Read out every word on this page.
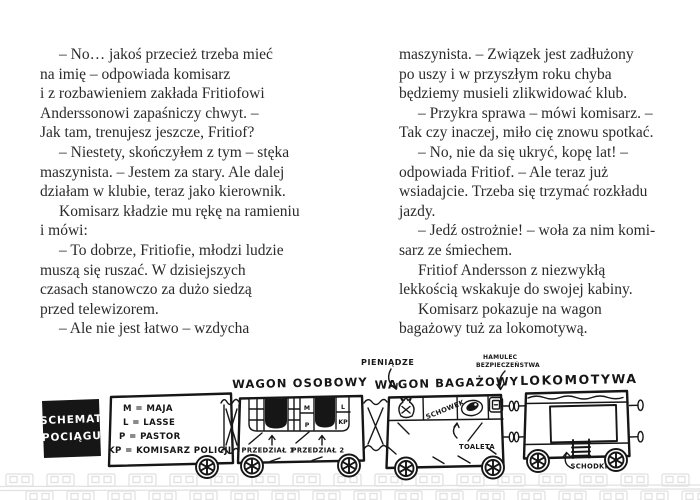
– No… jakoś przecież trzeba mieć
na imię – odpowiada komisarz
i z rozbawieniem zakłada Fritiofowi
Anderssonowi zapaśniczy chwyt. –
Jak tam, trenujesz jeszcze, Fritiof?
– Niestety, skończyłem z tym – stęka
maszynista. – Jestem za stary. Ale dalej
działam w klubie, teraz jako kierownik.
Komisarz kładzie mu rękę na ramieniu
i mówi:
– To dobrze, Fritiofie, młodzi ludzie
muszą się ruszać. W dzisiejszych
czasach stanowczo za dużo siedzą
przed telewizorem.
– Ale nie jest łatwo – wzdycha
maszynista. – Związek jest zadłużony
po uszy i w przyszłym roku chyba
będziemy musieli zlikwidować klub.
– Przykra sprawa – mówi komisarz. –
Tak czy inaczej, miło cię znowu spotkać.
– No, nie da się ukryć, kopę lat! –
odpowiada Fritiof. – Ale teraz już
wsiadajcie. Trzeba się trzymać rozkładu
jazdy.
– Jedź ostrożnie! – woła za nim komi-
sarz ze śmiechem.
Fritiof Andersson z niezwykłą
lekkością wskakuje do swojej kabiny.
Komisarz pokazuje na wagon
bagażowy tuż za lokomotywą.
SCHEMAT
POCIĄGU
M = MAJA
L = LASSE
P = PASTOR
KP = KOMISARZ POLICJI
M
P
L
KP
PRZEDZIAŁ 1
PRZEDZIAŁ 2
WAGON OSOBOWY
SCHOWEK
TOALETA
WAGON BAGAŻOWY
PIENIĄDZE
HAMULEC
BEZPIECZEŃSTWA
LOKOMOTYWA
SCHODKI
